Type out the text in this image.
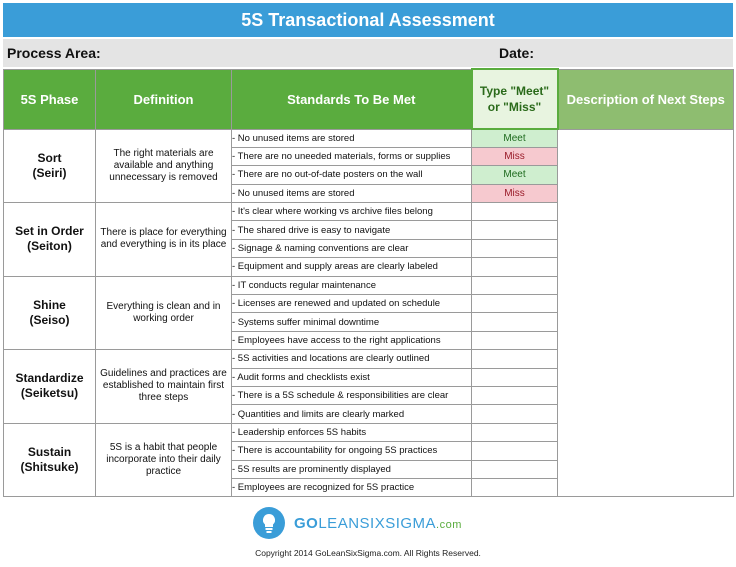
5S Transactional Assessment
Process Area:	Date:
5S Phase	Definition	Standards To Be Met	Type "Meet"
or "Miss"	Description of Next Steps
Sort
(Seiri)	The right materials are available and anything unnecessary is removed	- No unused items are stored	Meet	
		- There are no uneeded materials, forms or supplies	Miss	
		- There are no out-of-date posters on the wall	Meet	
		- No unused items are stored	Miss	
Set in Order
(Seiton)	There is place for everything and everything is in its place	- It's clear where working vs archive files belong		
		- The shared drive is easy to navigate		
		- Signage & naming conventions are clear		
		- Equipment and supply areas are clearly labeled		
Shine
(Seiso)	Everything is clean and in working order	- IT conducts regular maintenance		
		- Licenses are renewed and updated on schedule		
		- Systems suffer minimal downtime		
		- Employees have access to the right applications		
Standardize
(Seiketsu)	Guidelines and practices are established to maintain first three steps	- 5S activities and locations are clearly outlined		
		- Audit forms and checklists exist		
		- There is a 5S schedule & responsibilities are clear		
		- Quantities and limits are clearly marked		
Sustain
(Shitsuke)	5S is a habit that people incorporate into their daily practice	- Leadership enforces 5S habits		
		- There is accountability for ongoing 5S practices		
		- 5S results are prominently displayed		
		- Employees are recognized for 5S practice		
GOLEANSIXSIGMA.com
Copyright 2014 GoLeanSixSigma.com. All Rights Reserved.
